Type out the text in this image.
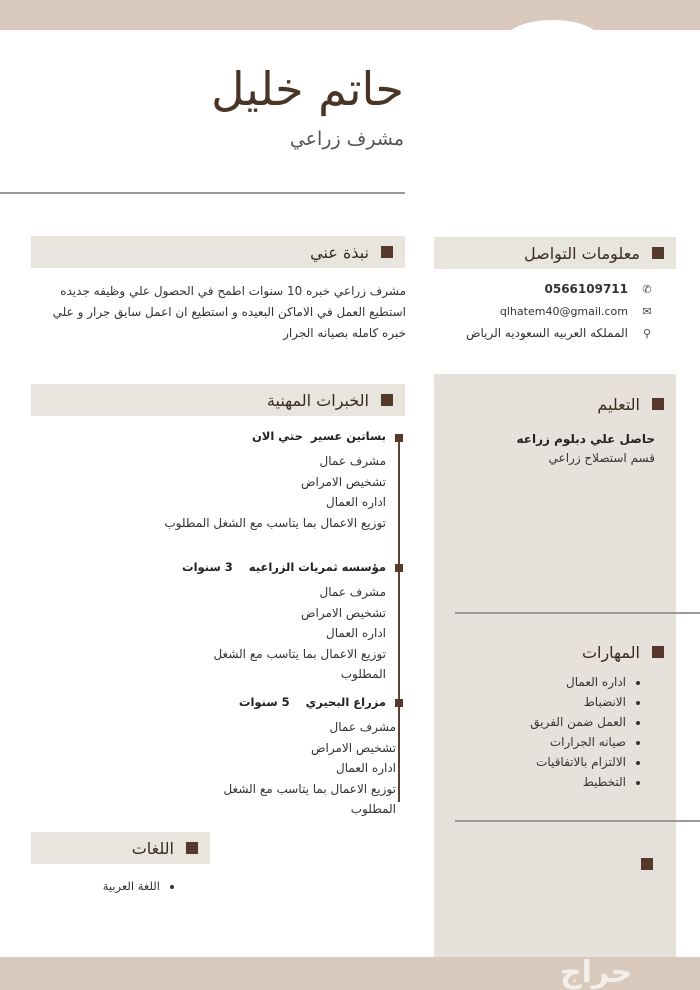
حاتم خليل
مشرف زراعي
نبذة عني
مشرف زراعي خبره 10 سنوات اطمح في الحصول علي وظيفه جديده استطيع العمل في الاماكن البعيده و استطيع ان اعمل سايق جرار و علي خبره كامله بصيانه الجرار
معلومات التواصل
✆
0566109711
✉
qlhatem40@gmail.com
⚲
المملكه العربيه السعوديه الرياض
الخبرات المهنية
بساتين عسير  حتي الان
مشرف عمال
تشخيص الامراض
اداره العمال
توزيع الاعمال بما يتاسب مع الشغل المطلوب
مؤسسه ثمريات الزراعيه    3 سنوات
مشرف عمال
تشخيص الامراض
اداره العمال
توزيع الاعمال بما يتاسب مع الشغل المطلوب
مزراع البحيري    5 سنوات
مشرف عمال
تشخيص الامراض
اداره العمال
توزيع الاعمال بما يتاسب مع الشغل المطلوب
التعليم
حاصل علي دبلوم زراعه
قسم استصلاح زراعي
المهارات
• اداره العمال
• الانضباط
• العمل ضمن الفريق
• صيانه الجرارات
• الالتزام بالاتفاقيات
• التخطيط
اللغات
• اللغة العربية
حراج
